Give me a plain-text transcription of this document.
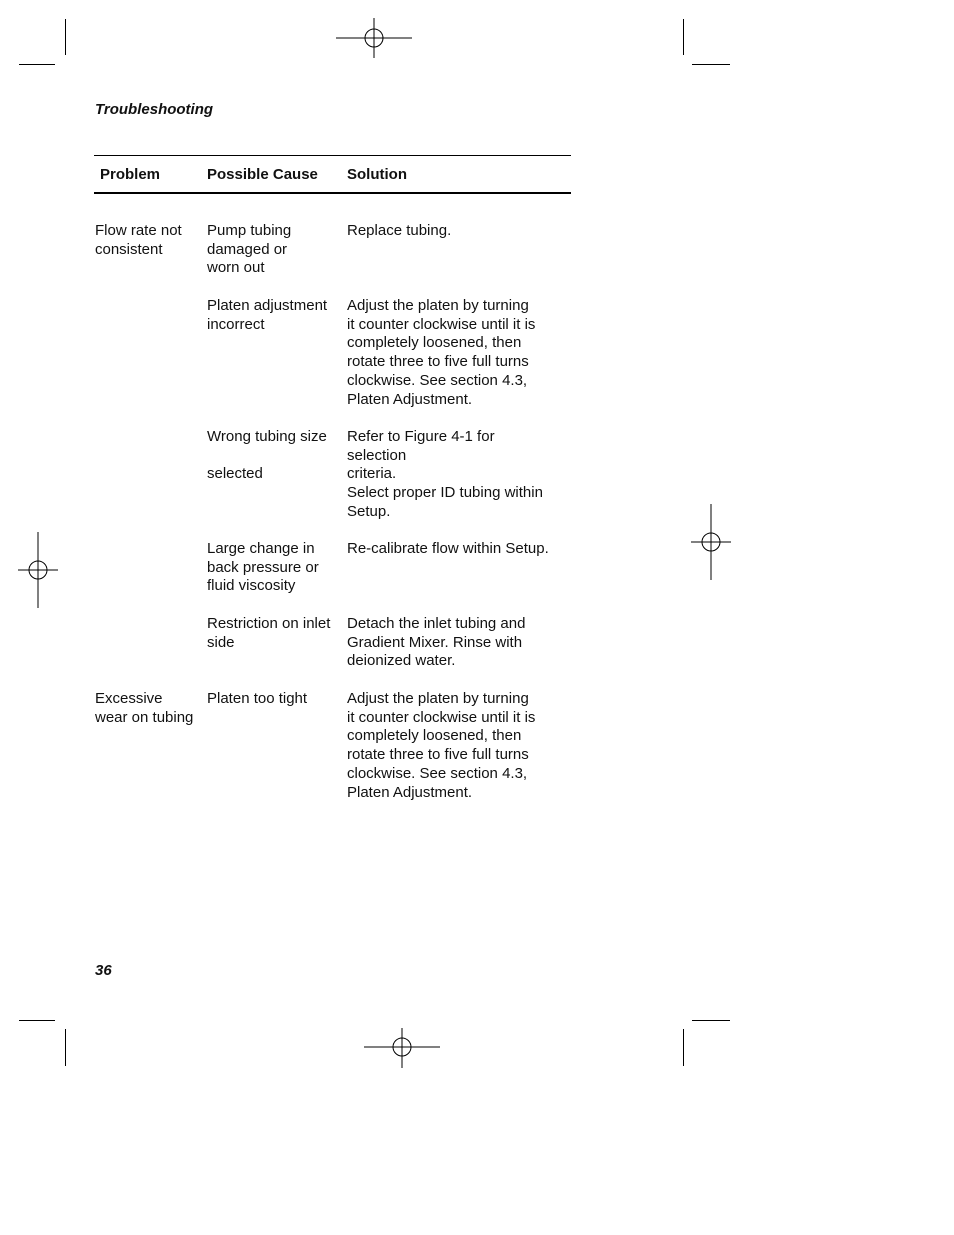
Troubleshooting
Problem	Possible Cause Solution
Flow rate not
consistent
Pump tubing
damaged or
worn out
Replace tubing.
Platen adjustment
incorrect
Adjust the platen by turning
it counter clockwise until it is
completely loosened, then
rotate three to five full turns
clockwise. See section 4.3,
Platen Adjustment.
Wrong tubing size

selected
Refer to Figure 4-1 for
selection
criteria.
Select proper ID tubing within
Setup.
Large change in
back pressure or
fluid viscosity
Re-calibrate flow within Setup.
Restriction on inlet
side
Detach the inlet tubing and
Gradient Mixer. Rinse with
deionized water.
Excessive
wear on tubing
Platen too tight	Adjust the platen by turning
it counter clockwise until it is
completely loosened, then
rotate three to five full turns
clockwise. See section 4.3,
Platen Adjustment.
36
